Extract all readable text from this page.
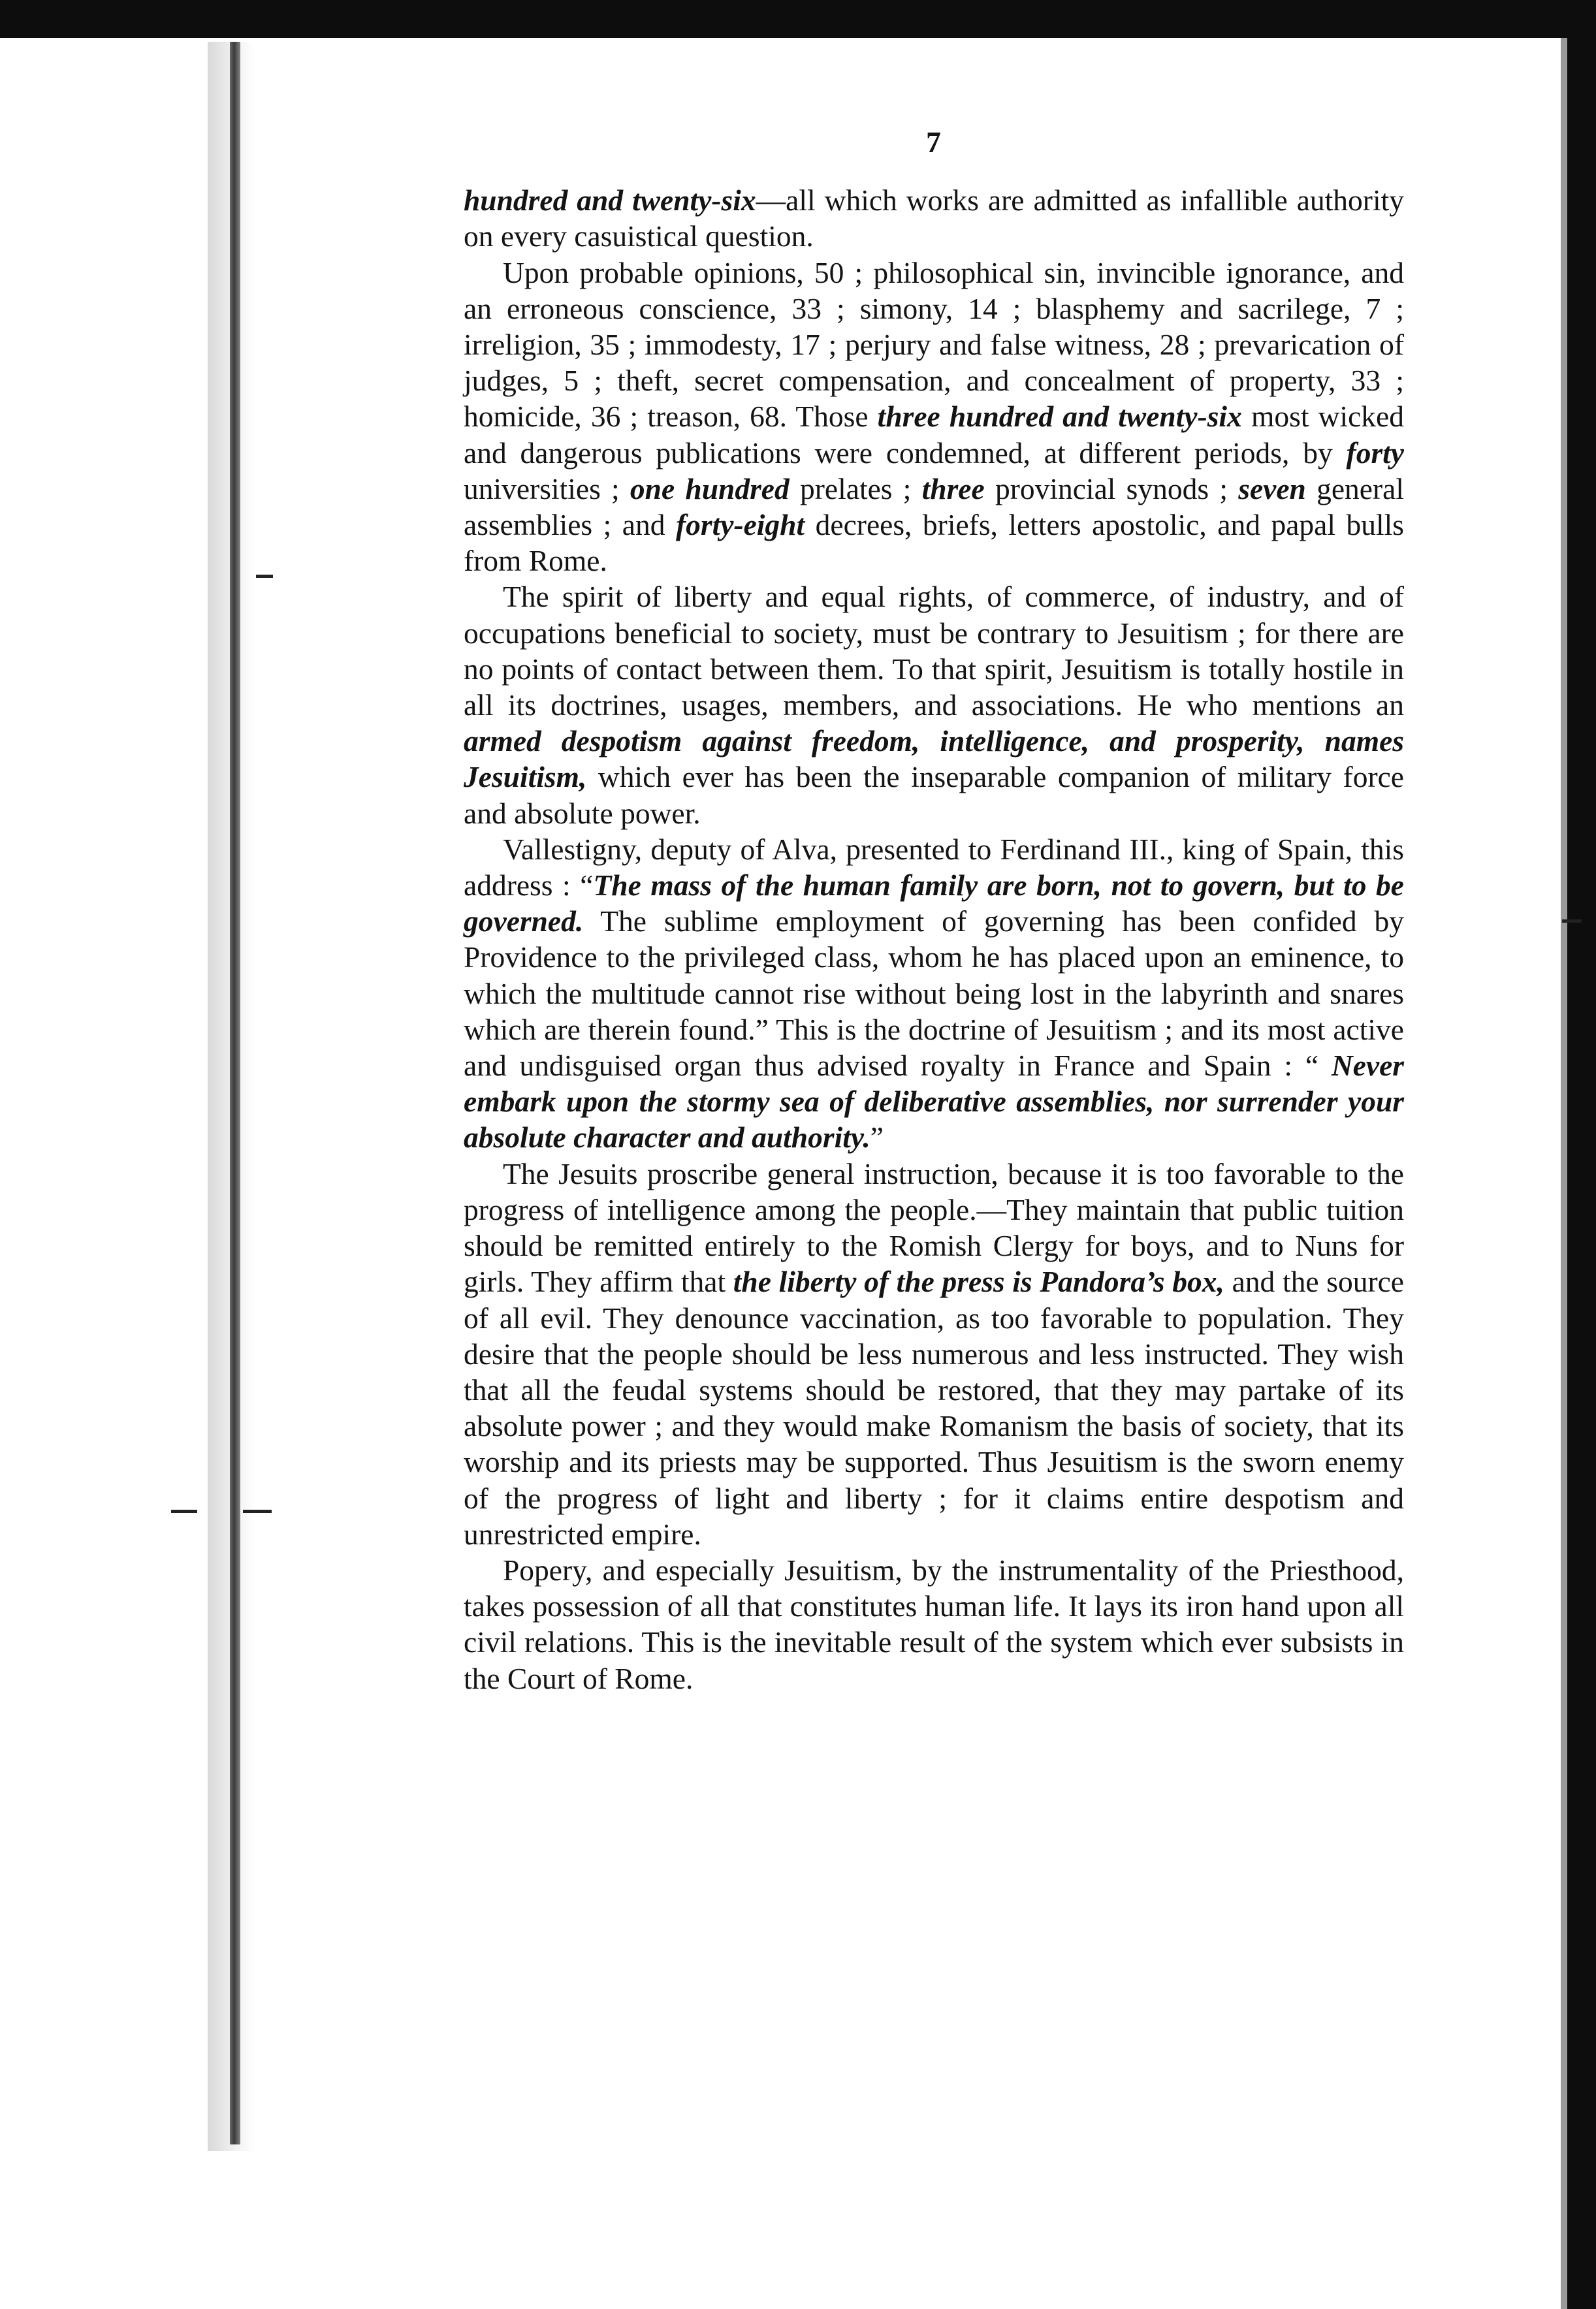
7

hundred and twenty-six—all which works are admitted as infallible authority on every casuistical question.

Upon probable opinions, 50 ; philosophical sin, invincible ignorance, and an erroneous conscience, 33 ; simony, 14 ; blasphemy and sacrilege, 7 ; irreligion, 35 ; immodesty, 17 ; perjury and false witness, 28 ; prevarication of judges, 5 ; theft, secret compensation, and concealment of property, 33 ; homicide, 36 ; treason, 68. Those three hundred and twenty-six most wicked and dangerous publications were condemned, at different periods, by forty universities ; one hundred prelates ; three provincial synods ; seven general assemblies ; and forty-eight decrees, briefs, letters apostolic, and papal bulls from Rome.

The spirit of liberty and equal rights, of commerce, of industry, and of occupations beneficial to society, must be contrary to Jesuitism ; for there are no points of contact between them. To that spirit, Jesuitism is totally hostile in all its doctrines, usages, members, and associations. He who mentions an armed despotism against freedom, intelligence, and prosperity, names Jesuitism, which ever has been the inseparable companion of military force and absolute power.

Vallestigny, deputy of Alva, presented to Ferdinand III., king of Spain, this address : “The mass of the human family are born, not to govern, but to be governed. The sublime employment of governing has been confided by Providence to the privileged class, whom he has placed upon an eminence, to which the multitude cannot rise without being lost in the labyrinth and snares which are therein found.” This is the doctrine of Jesuitism ; and its most active and undisguised organ thus advised royalty in France and Spain : “ Never embark upon the stormy sea of deliberative assemblies, nor surrender your absolute character and authority.”

The Jesuits proscribe general instruction, because it is too favorable to the progress of intelligence among the people.—They maintain that public tuition should be remitted entirely to the Romish Clergy for boys, and to Nuns for girls. They affirm that the liberty of the press is Pandora’s box, and the source of all evil. They denounce vaccination, as too favorable to population. They desire that the people should be less numerous and less instructed. They wish that all the feudal systems should be restored, that they may partake of its absolute power ; and they would make Romanism the basis of society, that its worship and its priests may be supported. Thus Jesuitism is the sworn enemy of the progress of light and liberty ; for it claims entire despotism and unrestricted empire.

Popery, and especially Jesuitism, by the instrumentality of the Priesthood, takes possession of all that constitutes human life. It lays its iron hand upon all civil relations. This is the inevitable result of the system which ever subsists in the Court of Rome.
